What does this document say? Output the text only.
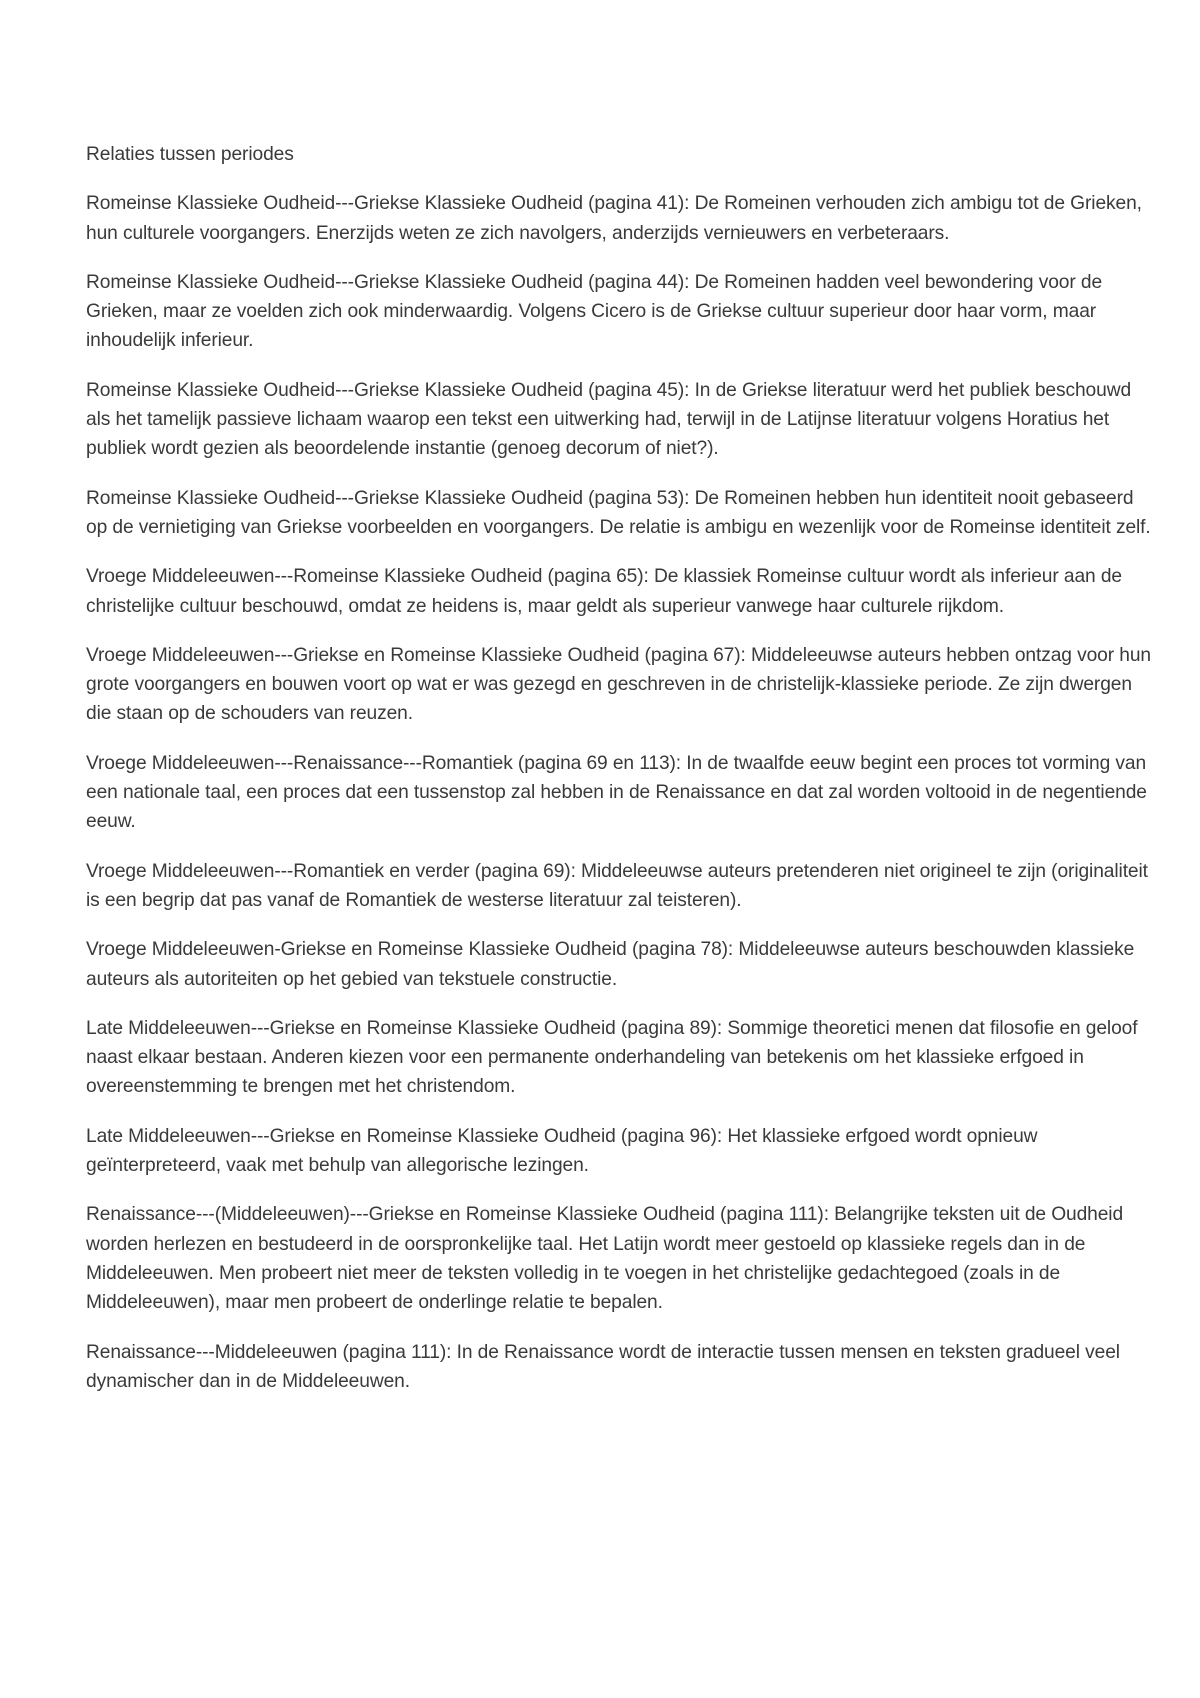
Relaties tussen periodes

Romeinse Klassieke Oudheid---Griekse Klassieke Oudheid (pagina 41): De Romeinen verhouden zich ambigu tot de Grieken, hun culturele voorgangers. Enerzijds weten ze zich navolgers, anderzijds vernieuwers en verbeteraars.

Romeinse Klassieke Oudheid---Griekse Klassieke Oudheid (pagina 44): De Romeinen hadden veel bewondering voor de Grieken, maar ze voelden zich ook minderwaardig. Volgens Cicero is de Griekse cultuur superieur door haar vorm, maar inhoudelijk inferieur.

Romeinse Klassieke Oudheid---Griekse Klassieke Oudheid (pagina 45): In de Griekse literatuur werd het publiek beschouwd als het tamelijk passieve lichaam waarop een tekst een uitwerking had, terwijl in de Latijnse literatuur volgens Horatius het publiek wordt gezien als beoordelende instantie (genoeg decorum of niet?).

Romeinse Klassieke Oudheid---Griekse Klassieke Oudheid (pagina 53): De Romeinen hebben hun identiteit nooit gebaseerd op de vernietiging van Griekse voorbeelden en voorgangers. De relatie is ambigu en wezenlijk voor de Romeinse identiteit zelf.

Vroege Middeleeuwen---Romeinse Klassieke Oudheid (pagina 65): De klassiek Romeinse cultuur wordt als inferieur aan de christelijke cultuur beschouwd, omdat ze heidens is, maar geldt als superieur vanwege haar culturele rijkdom.

Vroege Middeleeuwen---Griekse en Romeinse Klassieke Oudheid (pagina 67): Middeleeuwse auteurs hebben ontzag voor hun grote voorgangers en bouwen voort op wat er was gezegd en geschreven in de christelijk-klassieke periode. Ze zijn dwergen die staan op de schouders van reuzen.

Vroege Middeleeuwen---Renaissance---Romantiek (pagina 69 en 113): In de twaalfde eeuw begint een proces tot vorming van een nationale taal, een proces dat een tussenstop zal hebben in de Renaissance en dat zal worden voltooid in de negentiende eeuw.

Vroege Middeleeuwen---Romantiek en verder (pagina 69): Middeleeuwse auteurs pretenderen niet origineel te zijn (originaliteit is een begrip dat pas vanaf de Romantiek de westerse literatuur zal teisteren).

Vroege Middeleeuwen-Griekse en Romeinse Klassieke Oudheid (pagina 78): Middeleeuwse auteurs beschouwden klassieke auteurs als autoriteiten op het gebied van tekstuele constructie.

Late Middeleeuwen---Griekse en Romeinse Klassieke Oudheid (pagina 89): Sommige theoretici menen dat filosofie en geloof naast elkaar bestaan. Anderen kiezen voor een permanente onderhandeling van betekenis om het klassieke erfgoed in overeenstemming te brengen met het christendom.

Late Middeleeuwen---Griekse en Romeinse Klassieke Oudheid (pagina 96): Het klassieke erfgoed wordt opnieuw geïnterpreteerd, vaak met behulp van allegorische lezingen.

Renaissance---(Middeleeuwen)---Griekse en Romeinse Klassieke Oudheid (pagina 111): Belangrijke teksten uit de Oudheid worden herlezen en bestudeerd in de oorspronkelijke taal. Het Latijn wordt meer gestoeld op klassieke regels dan in de Middeleeuwen. Men probeert niet meer de teksten volledig in te voegen in het christelijke gedachtegoed (zoals in de Middeleeuwen), maar men probeert de onderlinge relatie te bepalen.

Renaissance---Middeleeuwen (pagina 111): In de Renaissance wordt de interactie tussen mensen en teksten gradueel veel dynamischer dan in de Middeleeuwen.
